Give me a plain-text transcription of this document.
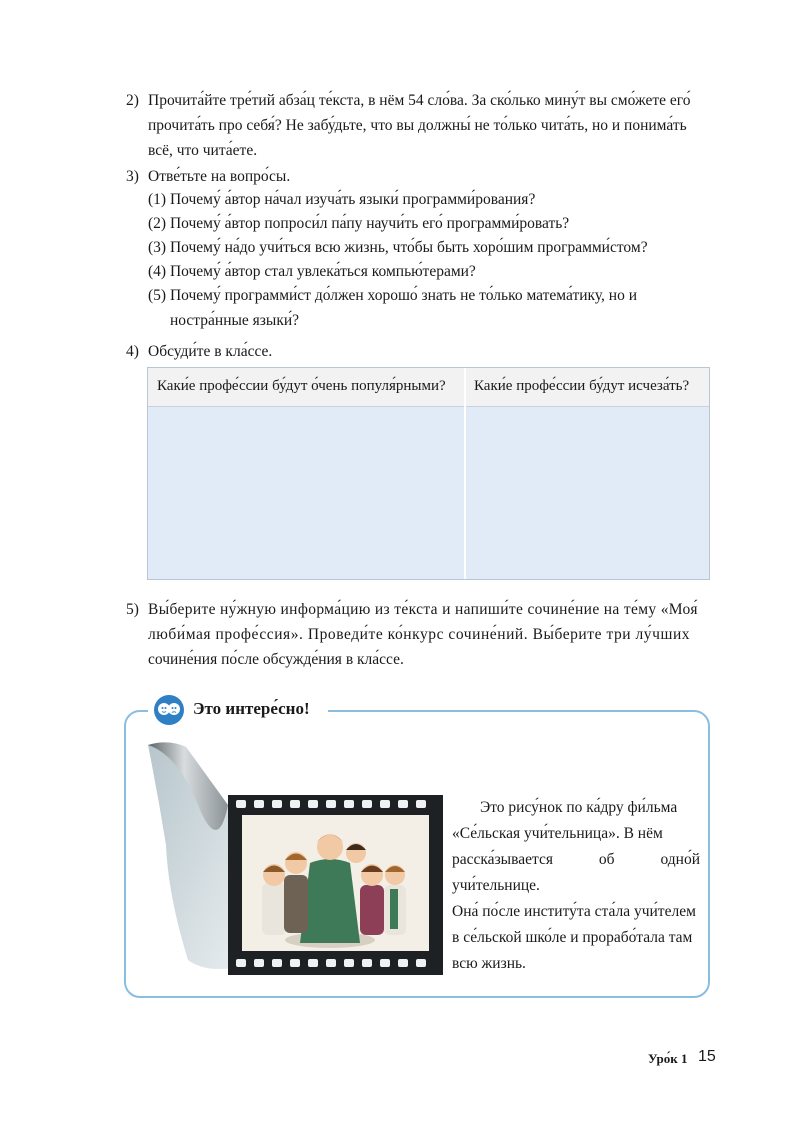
2) Прочита́йте тре́тий абза́ц те́кста, в нём 54 сло́ва. За ско́лько мину́т вы смо́жете его́
прочита́ть про себя́? Не забу́дьте, что вы должны́ не то́лько чита́ть, но и понима́ть
всё, что чита́ете.
3) Отве́тьте на вопро́сы.
(1) Почему́ а́втор на́чал изуча́ть языки́ программи́рования?
(2) Почему́ а́втор попроси́л па́пу научи́ть его́ программи́ровать?
(3) Почему́ на́до учи́ться всю жизнь, что́бы быть хоро́шим программи́стом?
(4) Почему́ а́втор стал увлека́ться компью́терами?
(5) Почему́ программи́ст до́лжен хорошо́ знать не то́лько матема́тику, но и
ностра́нные языки́?
4) Обсуди́те в кла́ссе.
Каки́е профе́ссии бу́дут о́чень популя́рными? Каки́е профе́ссии бу́дут исчеза́ть?
5) Вы́берите ну́жную информа́цию из те́кста и напиши́те сочине́ние на те́му «Моя́
люби́мая профе́ссия». Проведи́те ко́нкурс сочине́ний. Вы́берите три лу́чших
сочине́ния по́сле обсужде́ния в кла́ссе.
Это интере́сно!
Это рису́нок по ка́дру фи́льма
«Се́льская учи́тельница». В нём
расска́зывается об одно́й учи́тельнице.
Она́ по́сле институ́та ста́ла учи́телем
в се́льской шко́ле и прорабо́тала там
всю жизнь.
Уро́к 1 15
